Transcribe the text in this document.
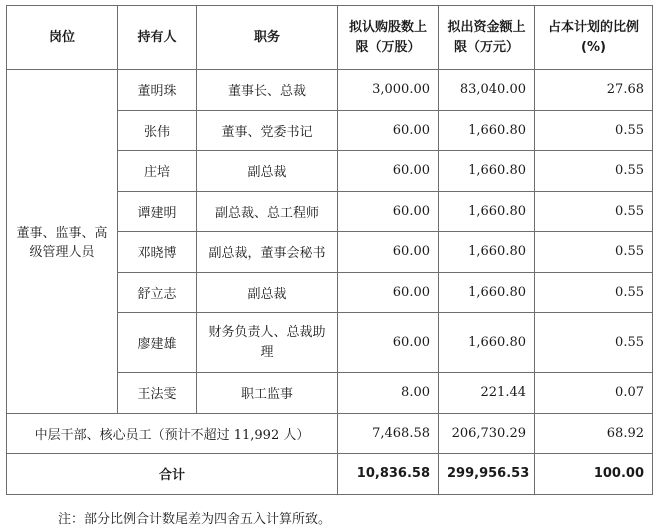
岗位	持有人	职务	拟认购股数上限（万股）	拟出资金额上限（万元）	占本计划的比例(%)
董事、监事、高级管理人员	董明珠	董事长、总裁	3,000.00	83,040.00	27.68
	张伟	董事、党委书记	60.00	1,660.80	0.55
	庄培	副总裁	60.00	1,660.80	0.55
	谭建明	副总裁、总工程师	60.00	1,660.80	0.55
	邓晓博	副总裁，董事会秘书	60.00	1,660.80	0.55
	舒立志	副总裁	60.00	1,660.80	0.55
	廖建雄	财务负责人、总裁助理	60.00	1,660.80	0.55
	王法雯	职工监事	8.00	221.44	0.07
中层干部、核心员工（预计不超过 11,992 人）			7,468.58	206,730.29	68.92
合计			10,836.58	299,956.53	100.00
注：部分比例合计数尾差为四舍五入计算所致。
